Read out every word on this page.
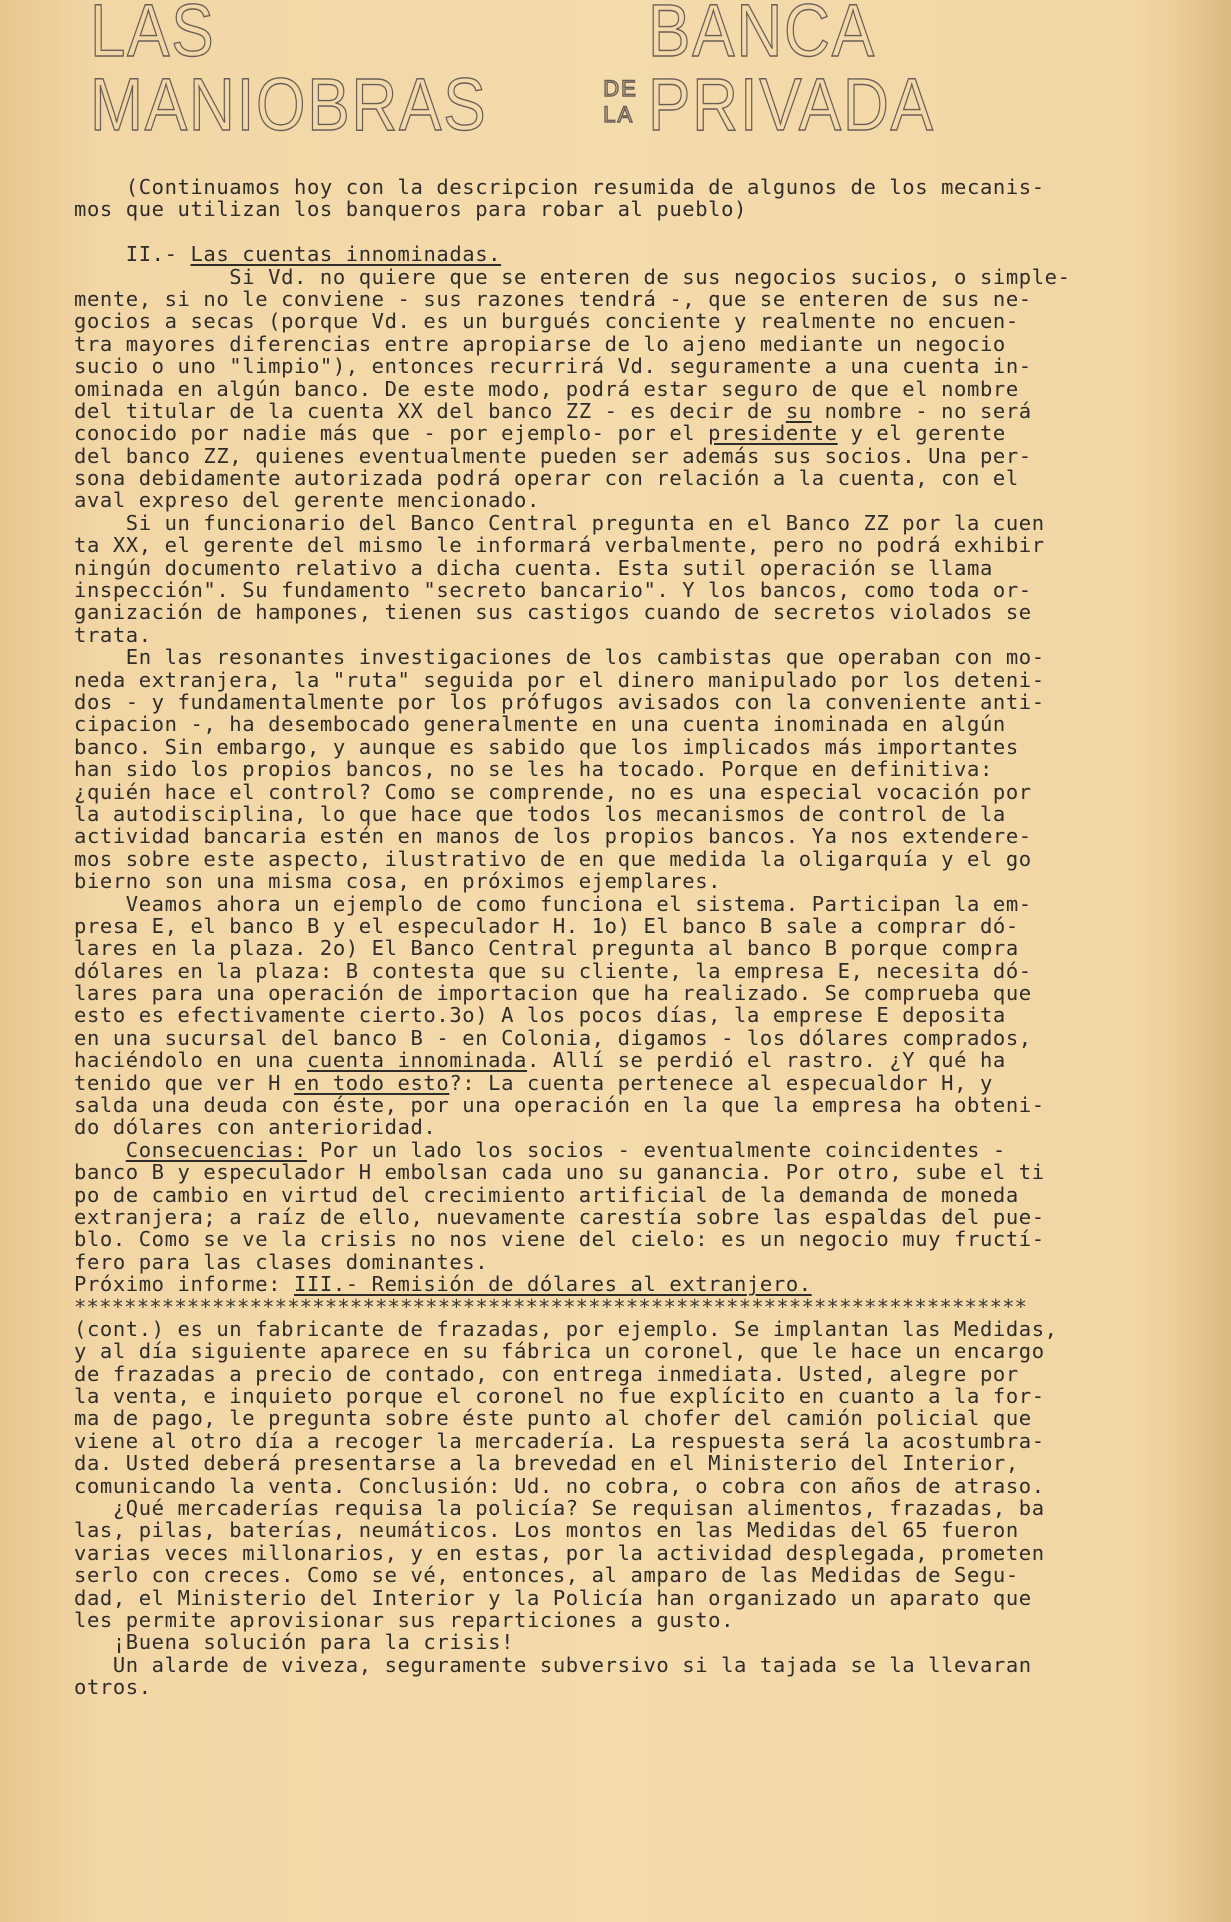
LAS MANIOBRAS	DE
LA
BANCA PRIVADA
(Continuamos hoy con la descripcion resumida de algunos de los mecanis-
mos que utilizan los banqueros para robar al pueblo)
II.- Las cuentas innominadas.
Si Vd. no quiere que se enteren de sus negocios sucios, o simple-
mente, si no le conviene - sus razones tendrá -, que se enteren de sus ne-
gocios a secas (porque Vd. es un burgués conciente y realmente no encuen-
tra mayores diferencias entre apropiarse de lo ajeno mediante un negocio
sucio o uno "limpio"), entonces recurrirá Vd. seguramente a una cuenta in-
ominada en algún banco. De este modo, podrá estar seguro de que el nombre
del titular de la cuenta XX del banco ZZ - es decir de su nombre - no será
conocido por nadie más que - por ejemplo- por el presidente y el gerente
del banco ZZ, quienes eventualmente pueden ser además sus socios. Una per-
sona debidamente autorizada podrá operar con relación a la cuenta, con el
aval expreso del gerente mencionado.
Si un funcionario del Banco Central pregunta en el Banco ZZ por la cuen
ta XX, el gerente del mismo le informará verbalmente, pero no podrá exhibir
ningún documento relativo a dicha cuenta. Esta sutil operación se llama
inspección". Su fundamento "secreto bancario". Y los bancos, como toda or-
ganización de hampones, tienen sus castigos cuando de secretos violados se
trata.
En las resonantes investigaciones de los cambistas que operaban con mo-
neda extranjera, la "ruta" seguida por el dinero manipulado por los deteni-
dos - y fundamentalmente por los prófugos avisados con la conveniente anti-
cipacion -, ha desembocado generalmente en una cuenta inominada en algún
banco. Sin embargo, y aunque es sabido que los implicados más importantes
han sido los propios bancos, no se les ha tocado. Porque en definitiva:
¿quién hace el control? Como se comprende, no es una especial vocación por
la autodisciplina, lo que hace que todos los mecanismos de control de la
actividad bancaria estén en manos de los propios bancos. Ya nos extendere-
mos sobre este aspecto, ilustrativo de en que medida la oligarquía y el go
bierno son una misma cosa, en próximos ejemplares.
Veamos ahora un ejemplo de como funciona el sistema. Participan la em-
presa E, el banco B y el especulador H. 1o) El banco B sale a comprar dó-
lares en la plaza. 2o) El Banco Central pregunta al banco B porque compra
dólares en la plaza: B contesta que su cliente, la empresa E, necesita dó-
lares para una operación de importacion que ha realizado. Se comprueba que
esto es efectivamente cierto.3o) A los pocos días, la emprese E deposita
en una sucursal del banco B - en Colonia, digamos - los dólares comprados,
haciéndolo en una cuenta innominada. Allí se perdió el rastro. ¿Y qué ha
tenido que ver H en todo esto?: La cuenta pertenece al especualdor H, y
salda una deuda con éste, por una operación en la que la empresa ha obteni-
do dólares con anterioridad.
Consecuencias: Por un lado los socios - eventualmente coincidentes -
banco B y especulador H embolsan cada uno su ganancia. Por otro, sube el ti
po de cambio en virtud del crecimiento artificial de la demanda de moneda
extranjera; a raíz de ello, nuevamente carestía sobre las espaldas del pue-
blo. Como se ve la crisis no nos viene del cielo: es un negocio muy fructí-
fero para las clases dominantes.
Próximo informe: III.- Remisión de dólares al extranjero.
****************************************************************************
(cont.) es un fabricante de frazadas, por ejemplo. Se implantan las Medidas,
y al día siguiente aparece en su fábrica un coronel, que le hace un encargo
de frazadas a precio de contado, con entrega inmediata. Usted, alegre por
la venta, e inquieto porque el coronel no fue explícito en cuanto a la for-
ma de pago, le pregunta sobre éste punto al chofer del camión policial que
viene al otro día a recoger la mercadería. La respuesta será la acostumbra-
da. Usted deberá presentarse a la brevedad en el Ministerio del Interior,
comunicando la venta. Conclusión: Ud. no cobra, o cobra con años de atraso.
¿Qué mercaderías requisa la policía? Se requisan alimentos, frazadas, ba
las, pilas, baterías, neumáticos. Los montos en las Medidas del 65 fueron
varias veces millonarios, y en estas, por la actividad desplegada, prometen
serlo con creces. Como se vé, entonces, al amparo de las Medidas de Segu-
dad, el Ministerio del Interior y la Policía han organizado un aparato que
les permite aprovisionar sus reparticiones a gusto.
¡Buena solución para la crisis!
Un alarde de viveza, seguramente subversivo si la tajada se la llevaran
otros.
